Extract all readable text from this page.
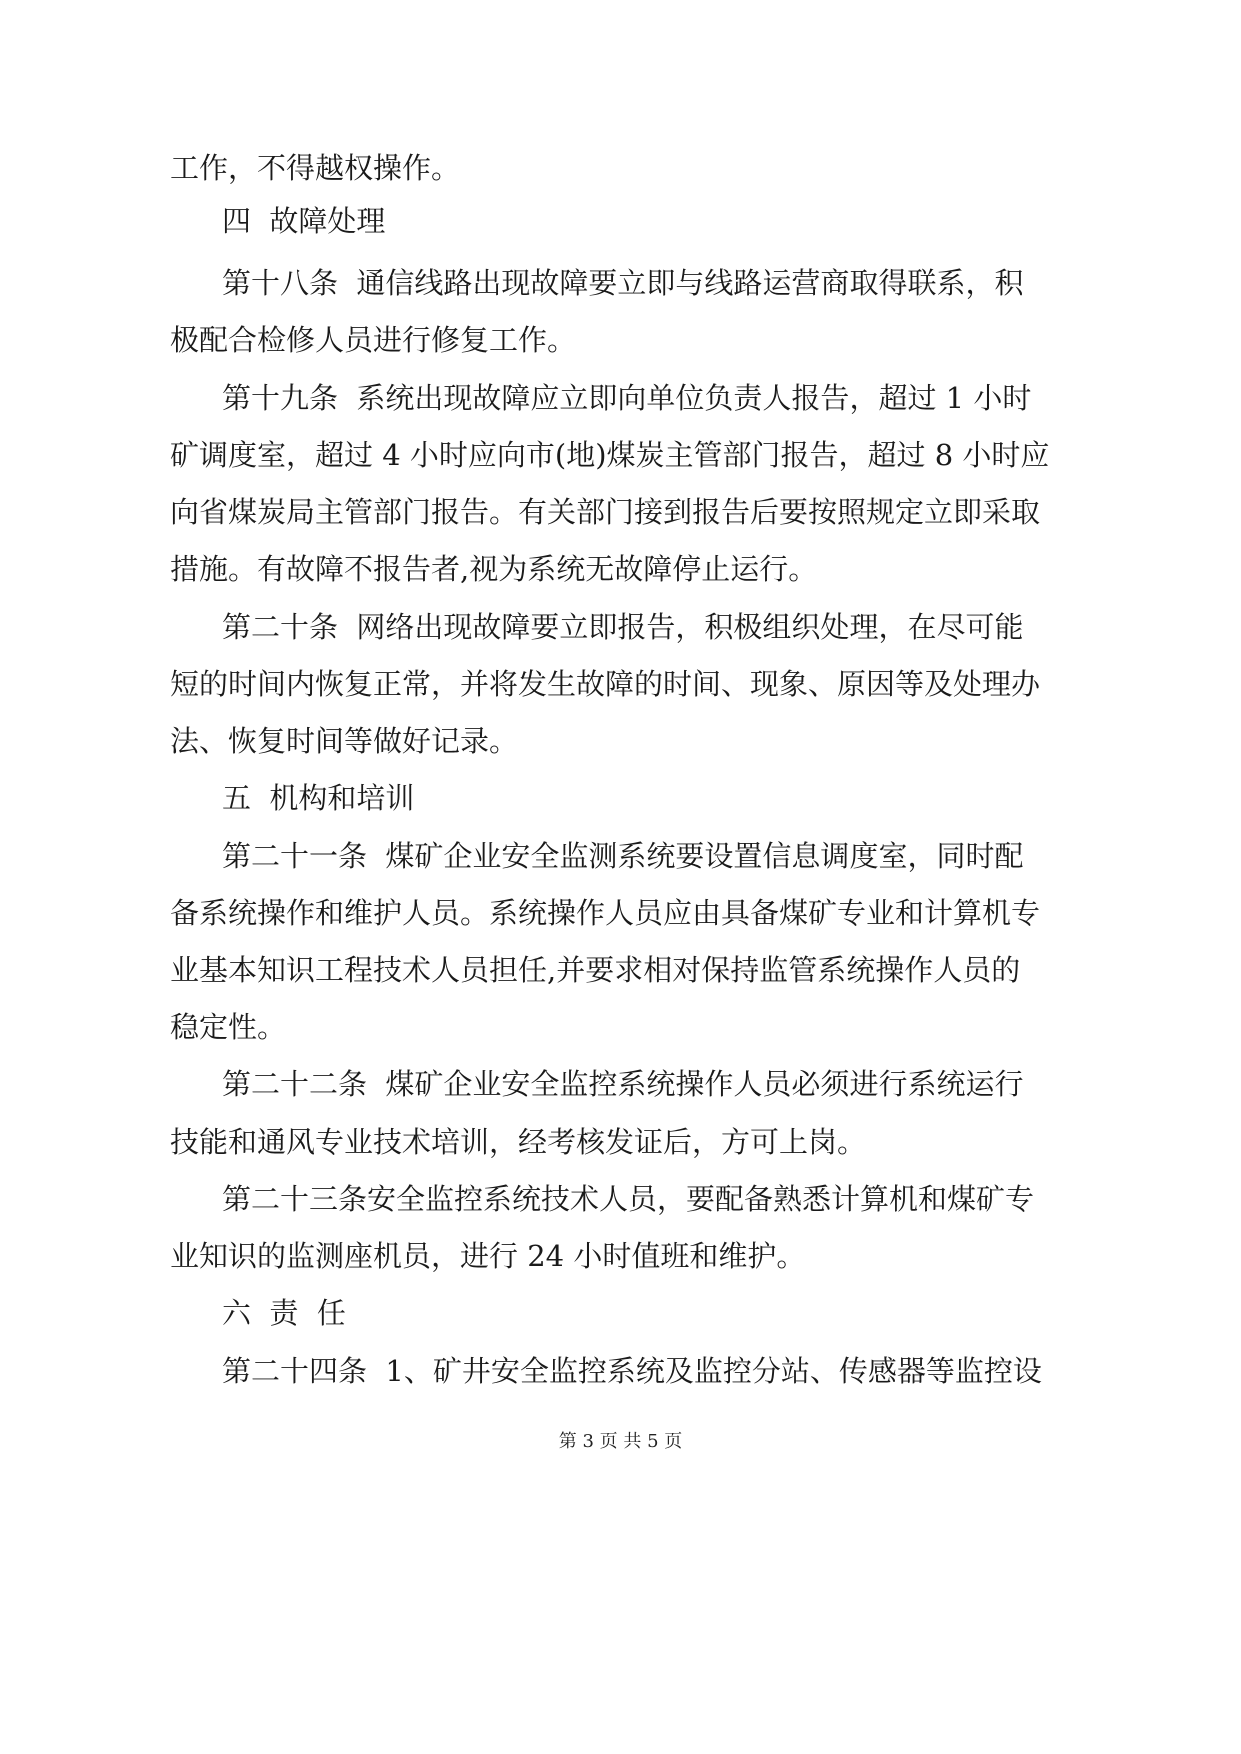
工作，不得越权操作。

四  故障处理

第十八条  通信线路出现故障要立即与线路运营商取得联系，积

极配合检修人员进行修复工作。

第十九条  系统出现故障应立即向单位负责人报告，超过 1 小时

矿调度室，超过 4 小时应向市(地)煤炭主管部门报告，超过 8 小时应

向省煤炭局主管部门报告。有关部门接到报告后要按照规定立即采取

措施。有故障不报告者,视为系统无故障停止运行。

第二十条  网络出现故障要立即报告，积极组织处理，在尽可能

短的时间内恢复正常，并将发生故障的时间、现象、原因等及处理办

法、恢复时间等做好记录。

五  机构和培训

第二十一条  煤矿企业安全监测系统要设置信息调度室，同时配

备系统操作和维护人员。系统操作人员应由具备煤矿专业和计算机专

业基本知识工程技术人员担任,并要求相对保持监管系统操作人员的

稳定性。

第二十二条  煤矿企业安全监控系统操作人员必须进行系统运行

技能和通风专业技术培训，经考核发证后，方可上岗。

第二十三条安全监控系统技术人员，要配备熟悉计算机和煤矿专

业知识的监测座机员，进行 24 小时值班和维护。

六  责  任

第二十四条  1、矿井安全监控系统及监控分站、传感器等监控设

第 3 页 共 5 页
